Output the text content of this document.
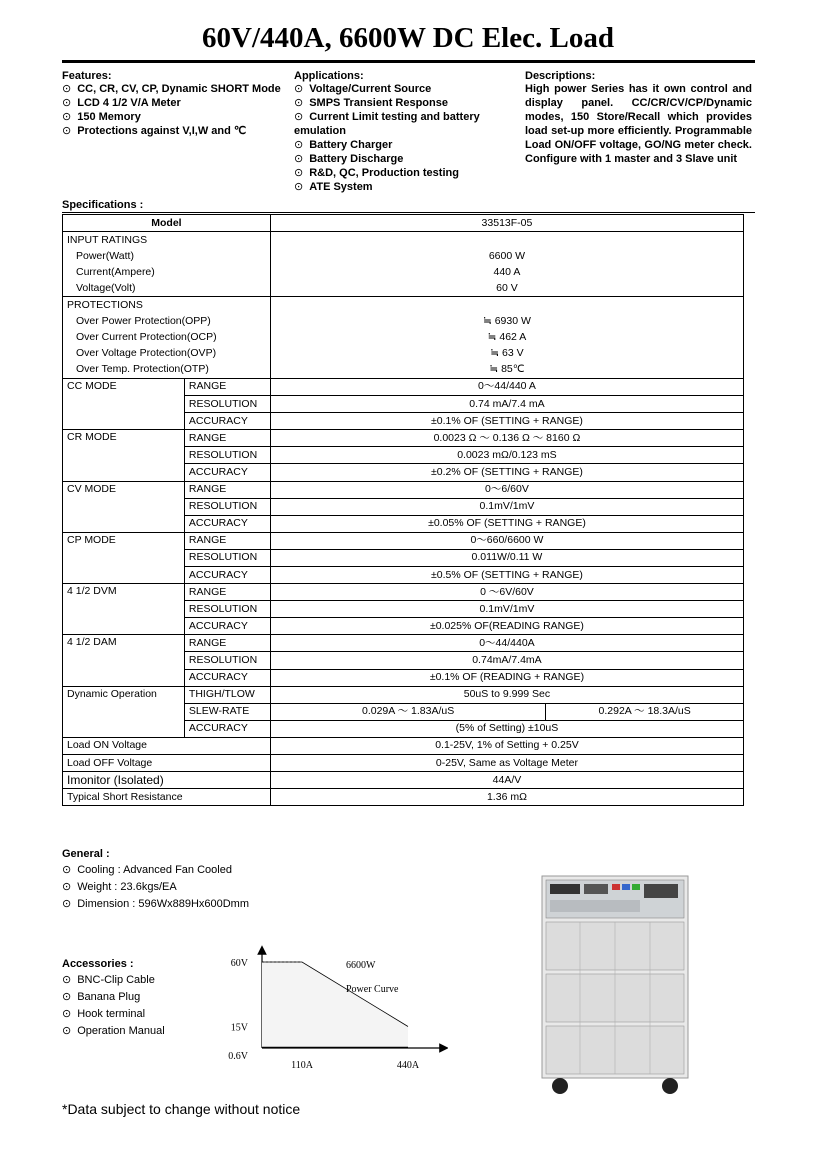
60V/440A, 6600W DC Elec. Load
Features:
⊙ CC, CR, CV, CP, Dynamic SHORT Mode
⊙ LCD 4 1/2 V/A Meter
⊙ 150 Memory
⊙ Protections against V,I,W and ℃
Applications:
⊙ Voltage/Current Source
⊙ SMPS Transient Response
⊙ Current Limit testing and battery emulation
⊙ Battery Charger
⊙ Battery Discharge
⊙ R&D, QC, Production testing
⊙ ATE System
Descriptions:
High power Series has it own control and display panel. CC/CR/CV/CP/Dynamic modes, 150 Store/Recall which provides load set-up more efficiently. Programmable Load ON/OFF voltage, GO/NG meter check. Configure with 1 master and 3 Slave unit
Specifications :
Model		33513F-05	
INPUT RATINGS			
Power(Watt)		6600 W	
Current(Ampere)		440 A	
Voltage(Volt)		60 V	
PROTECTIONS			
Over Power Protection(OPP)		≒ 6930 W	
Over Current Protection(OCP)		≒ 462 A	
Over Voltage Protection(OVP)		≒ 63 V	
Over Temp. Protection(OTP)		≒ 85℃	
CC MODE	RANGE	0～44/440 A	
	RESOLUTION	0.74 mA/7.4 mA	
	ACCURACY	±0.1% OF (SETTING + RANGE)	
CR MODE	RANGE	0.0023 Ω ～ 0.136 Ω ～ 8160 Ω	
	RESOLUTION	0.0023 mΩ/0.123 mS	
	ACCURACY	±0.2% OF (SETTING + RANGE)	
CV MODE	RANGE	0～6/60V	
	RESOLUTION	0.1mV/1mV	
	ACCURACY	±0.05% OF (SETTING + RANGE)	
CP MODE	RANGE	0～660/6600 W	
	RESOLUTION	0.011W/0.11 W	
	ACCURACY	±0.5% OF (SETTING + RANGE)	
4 1/2 DVM	RANGE	0 ～6V/60V	
	RESOLUTION	0.1mV/1mV	
	ACCURACY	±0.025% OF(READING RANGE)	
4 1/2 DAM	RANGE	0～44/440A	
	RESOLUTION	0.74mA/7.4mA	
	ACCURACY	±0.1% OF (READING + RANGE)	
Dynamic Operation	THIGH/TLOW	50uS to 9.999 Sec	
	SLEW-RATE	0.029A ～ 1.83A/uS	0.292A ～ 18.3A/uS
	ACCURACY	(5% of Setting) ±10uS	
Load ON Voltage		0.1-25V, 1% of Setting + 0.25V	
Load OFF Voltage		0-25V, Same as Voltage Meter	
Imonitor (Isolated)		44A/V	
Typical Short Resistance		1.36 mΩ	
General :
⊙ Cooling : Advanced Fan Cooled
⊙ Weight : 23.6kgs/EA
⊙ Dimension : 596Wx889Hx600Dmm
Accessories :
⊙ BNC-Clip Cable
⊙ Banana Plug
⊙ Hook terminal
⊙ Operation Manual
60V
15V
0.6V
110A	440A
6600W
Power Curve
*Data subject to change without notice
